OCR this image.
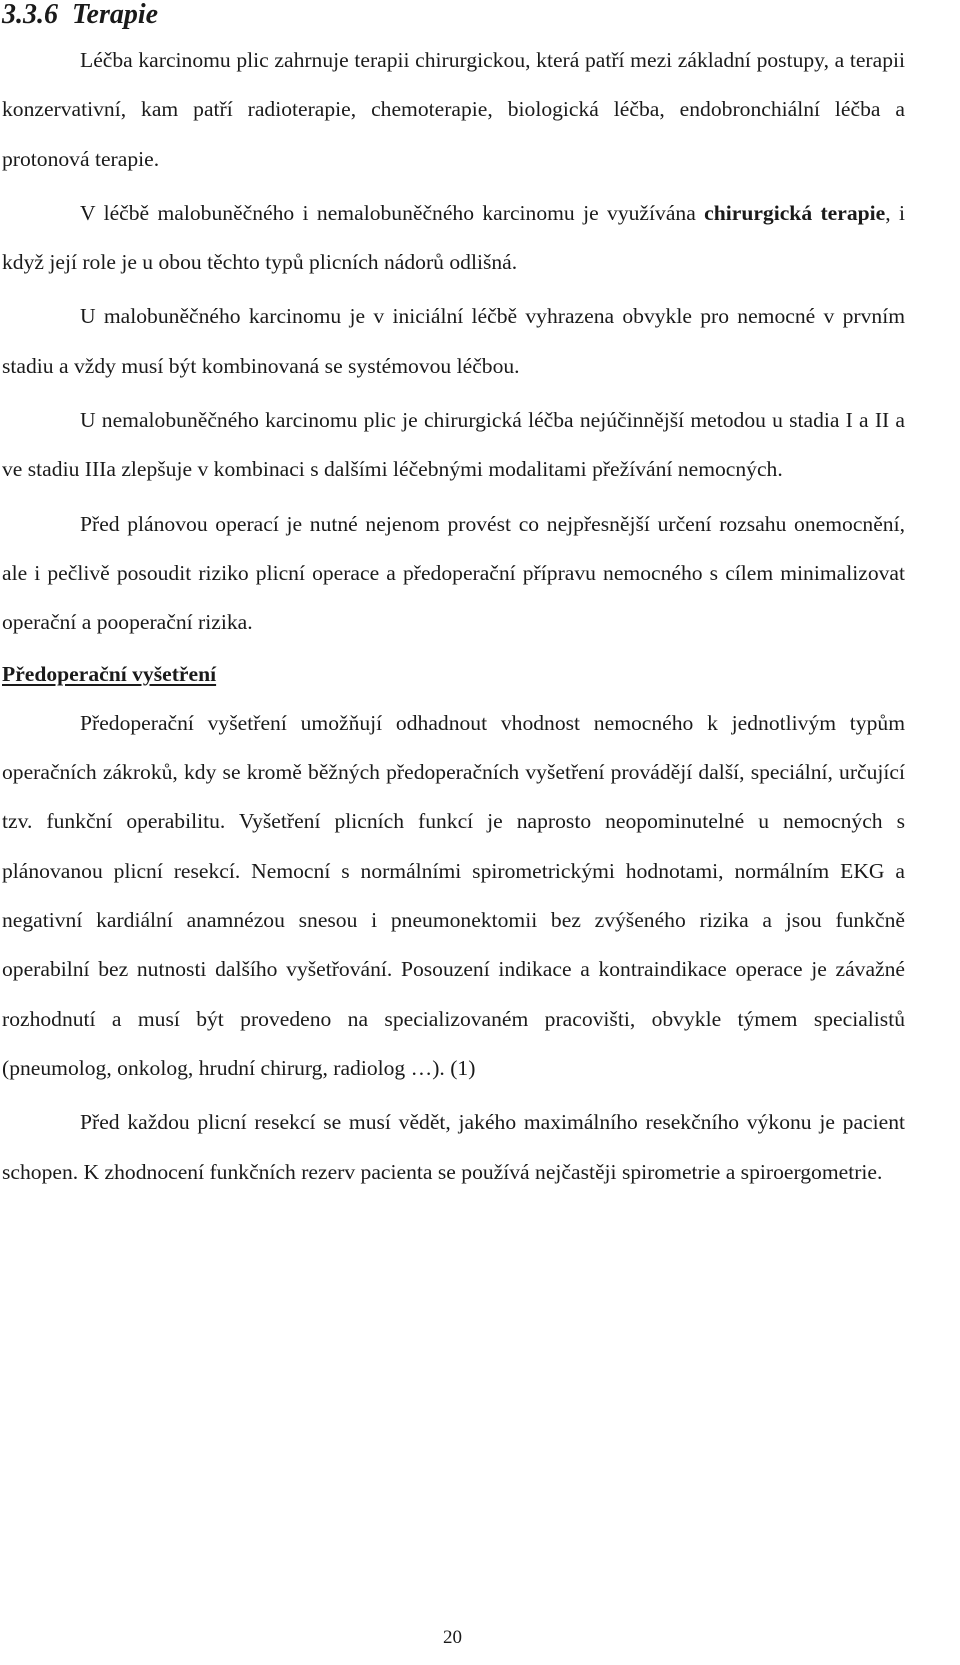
3.3.6 Terapie

Léčba karcinomu plic zahrnuje terapii chirurgickou, která patří mezi základní postupy, a terapii konzervativní, kam patří radioterapie, chemoterapie, biologická léčba, endobronchiální léčba a protonová terapie.

V léčbě malobuněčného i nemalobuněčného karcinomu je využívána chirurgická terapie, i když její role je u obou těchto typů plicních nádorů odlišná.

U malobuněčného karcinomu je v iniciální léčbě vyhrazena obvykle pro nemocné v prvním stadiu a vždy musí být kombinovaná se systémovou léčbou.

U nemalobuněčného karcinomu plic je chirurgická léčba nejúčinnější metodou u stadia I a II a ve stadiu IIIa zlepšuje v kombinaci s dalšími léčebnými modalitami přežívání nemocných.

Před plánovou operací je nutné nejenom provést co nejpřesnější určení rozsahu onemocnění, ale i pečlivě posoudit riziko plicní operace a předoperační přípravu nemocného s cílem minimalizovat operační a pooperační rizika.

Předoperační vyšetření

Předoperační vyšetření umožňují odhadnout vhodnost nemocného k jednotlivým typům operačních zákroků, kdy se kromě běžných předoperačních vyšetření provádějí další, speciální, určující tzv. funkční operabilitu. Vyšetření plicních funkcí je naprosto neopominutelné u nemocných s plánovanou plicní resekcí. Nemocní s normálními spirometrickými hodnotami, normálním EKG a negativní kardiální anamnézou snesou i pneumonektomii bez zvýšeného rizika a jsou funkčně operabilní bez nutnosti dalšího vyšetřování. Posouzení indikace a kontraindikace operace je závažné rozhodnutí a musí být provedeno na specializovaném pracovišti, obvykle týmem specialistů (pneumolog, onkolog, hrudní chirurg, radiolog …). (1)

Před každou plicní resekcí se musí vědět, jakého maximálního resekčního výkonu je pacient schopen. K zhodnocení funkčních rezerv pacienta se používá nejčastěji spirometrie a spiroergometrie.

20
